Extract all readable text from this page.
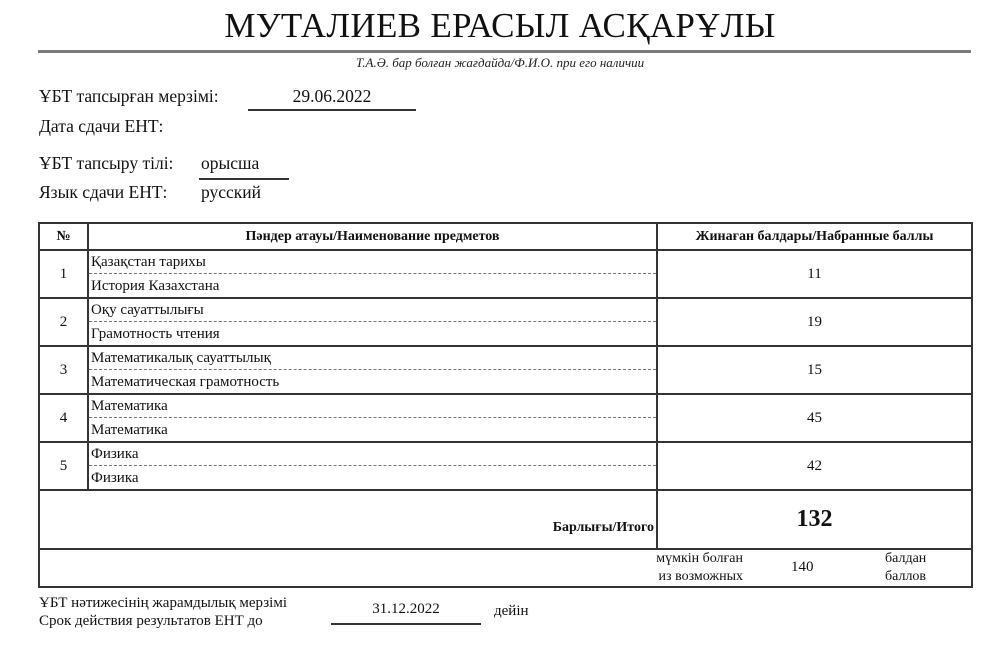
МУТАЛИЕВ ЕРАСЫЛ АСҚАРҰЛЫ
Т.А.Ә. бар болған жағдайда/Ф.И.О. при его наличии
ҰБТ тапсырған мерзімі:
Дата сдачи ЕНТ:
29.06.2022
ҰБТ тапсыру тілі: орысша
Язык сдачи ЕНТ: русский
№	Пәндер атауы/Наименование предметов	Жинаған балдары/Набранные баллы
1	Қазақстан тарихы
История Казахстана	11
2	Оқу сауаттылығы
Грамотность чтения	19
3	Математикалық сауаттылық
Математическая грамотность	15
4	Математика
Математика	45
5	Физика
Физика	42
Барлығы/Итого		132

мүмкін болған
из возможных
140
балдан
баллов		
ҰБТ нәтижесінің жарамдылық мерзімі
Срок действия результатов ЕНТ до
31.12.2022	дейін
